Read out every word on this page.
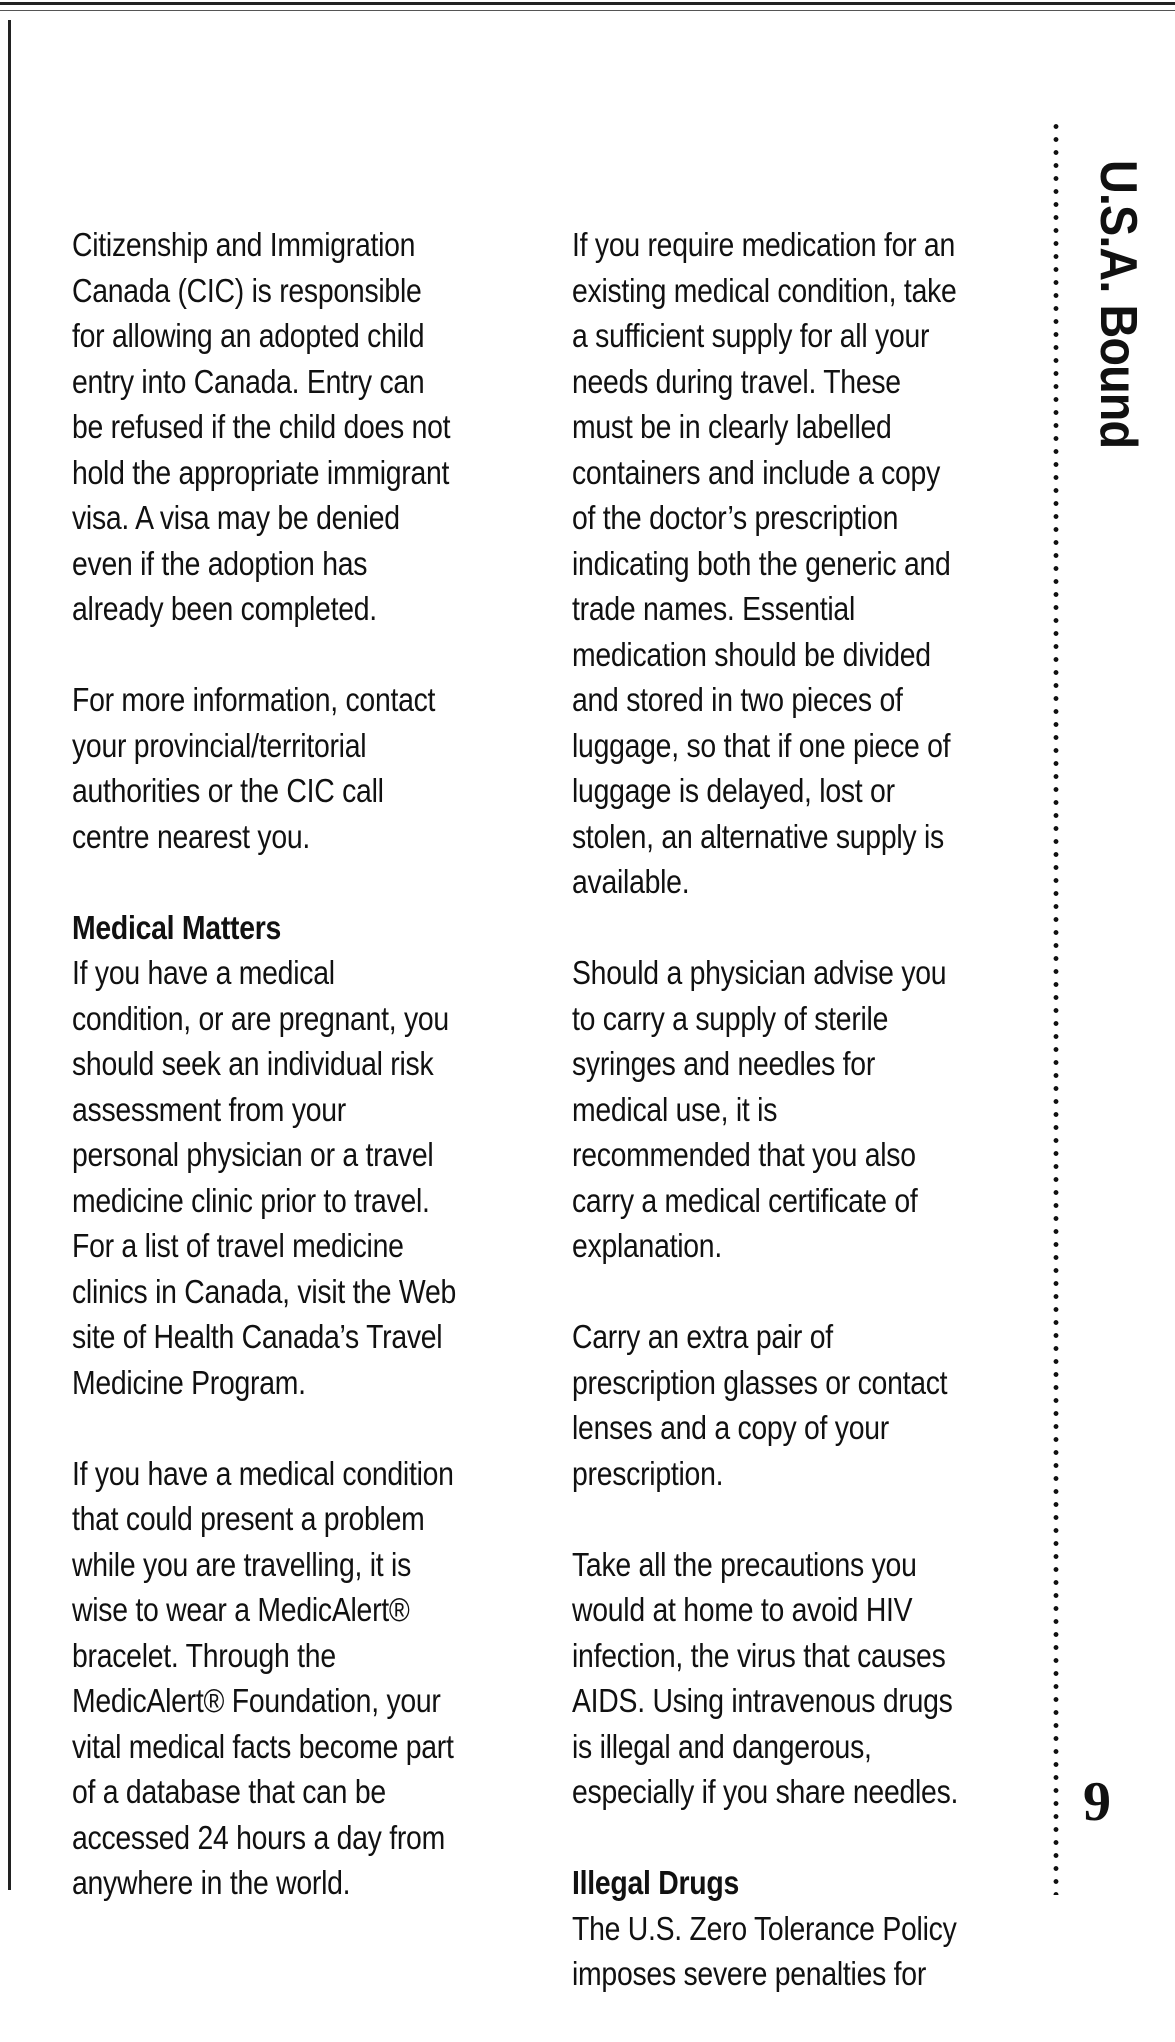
Citizenship and Immigration Canada (CIC) is responsible for allowing an adopted child entry into Canada. Entry can be refused if the child does not hold the appropriate immigrant visa. A visa may be denied even if the adoption has already been completed.

For more information, contact your provincial/territorial authorities or the CIC call centre nearest you.

Medical Matters
If you have a medical condition, or are pregnant, you should seek an individual risk assessment from your personal physician or a travel medicine clinic prior to travel. For a list of travel medicine clinics in Canada, visit the Web site of Health Canada’s Travel Medicine Program.

If you have a medical condition that could present a problem while you are travelling, it is wise to wear a MedicAlert® bracelet. Through the MedicAlert® Foundation, your vital medical facts become part of a database that can be accessed 24 hours a day from anywhere in the world.

If you require medication for an existing medical condition, take a sufficient supply for all your needs during travel. These must be in clearly labelled containers and include a copy of the doctor’s prescription indicating both the generic and trade names. Essential medication should be divided and stored in two pieces of luggage, so that if one piece of luggage is delayed, lost or stolen, an alternative supply is available.

Should a physician advise you to carry a supply of sterile syringes and needles for medical use, it is recommended that you also carry a medical certificate of explanation.

Carry an extra pair of prescription glasses or contact lenses and a copy of your prescription.

Take all the precautions you would at home to avoid HIV infection, the virus that causes AIDS. Using intravenous drugs is illegal and dangerous, especially if you share needles.

Illegal Drugs
The U.S. Zero Tolerance Policy imposes severe penalties for

U.S.A. Bound
9
